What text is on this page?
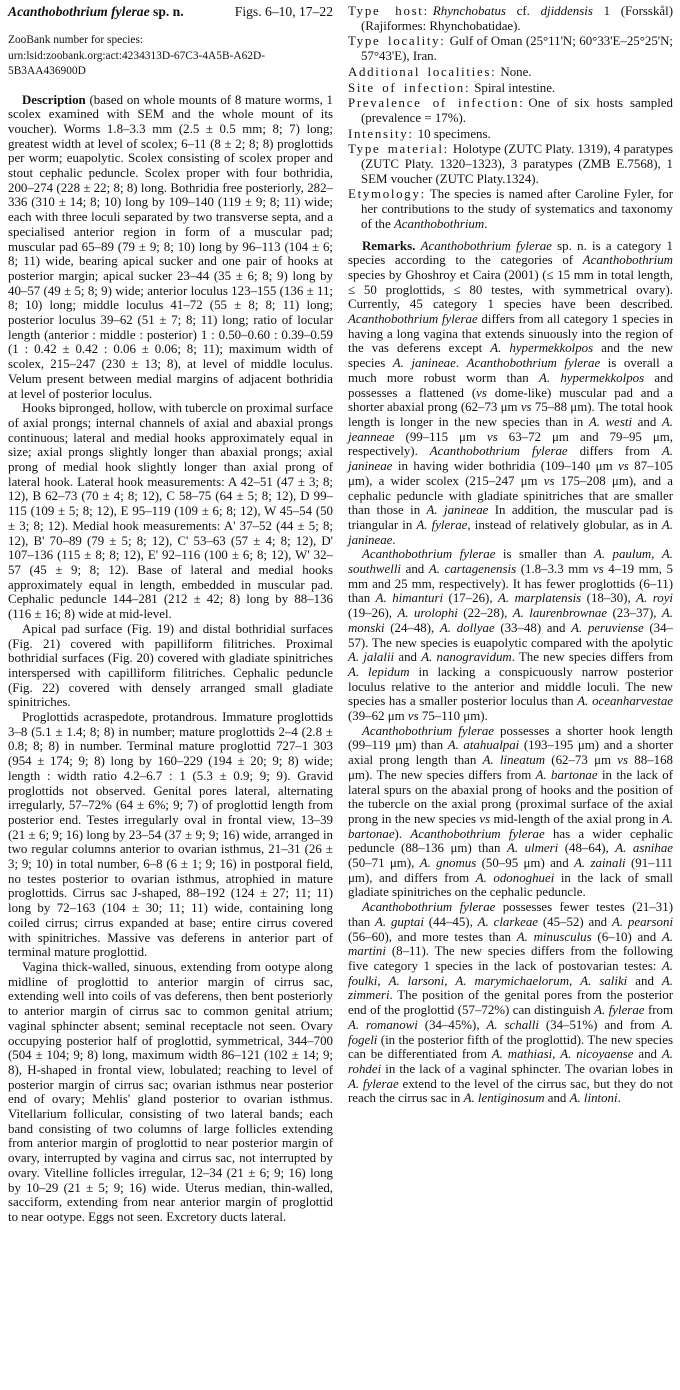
Acanthobothrium fylerae sp. n.	Figs. 6–10, 17–22
ZooBank number for species:
urn:lsid:zoobank.org:act:4234313D-67C3-4A5B-A62D-5B3AA436900D
Description (based on whole mounts of 8 mature worms, 1 scolex examined with SEM and the whole mount of its voucher). Worms 1.8–3.3 mm (2.5 ± 0.5 mm; 8; 7) long; greatest width at level of scolex; 6–11 (8 ± 2; 8; 8) proglottids per worm; euapolytic. Scolex consisting of scolex proper and stout cephalic peduncle. Scolex proper with four bothridia, 200–274 (228 ± 22; 8; 8) long. Bothridia free posteriorly, 282–336 (310 ± 14; 8; 10) long by 109–140 (119 ± 9; 8; 11) wide; each with three loculi separated by two transverse septa, and a specialised anterior region in form of a muscular pad; muscular pad 65–89 (79 ± 9; 8; 10) long by 96–113 (104 ± 6; 8; 11) wide, bearing apical sucker and one pair of hooks at posterior margin; apical sucker 23–44 (35 ± 6; 8; 9) long by 40–57 (49 ± 5; 8; 9) wide; anterior loculus 123–155 (136 ± 11; 8; 10) long; middle loculus 41–72 (55 ± 8; 8; 11) long; posterior loculus 39–62 (51 ± 7; 8; 11) long; ratio of locular length (anterior : middle : posterior) 1 : 0.50–0.60 : 0.39–0.59 (1 : 0.42 ± 0.42 : 0.06 ± 0.06; 8; 11); maximum width of scolex, 215–247 (230 ± 13; 8), at level of middle loculus. Velum present between medial margins of adjacent bothridia at level of posterior loculus.
Hooks bipronged, hollow, with tubercle on proximal surface of axial prongs; internal channels of axial and abaxial prongs continuous; lateral and medial hooks approximately equal in size; axial prongs slightly longer than abaxial prongs; axial prong of medial hook slightly longer than axial prong of lateral hook. Lateral hook measurements: A 42–51 (47 ± 3; 8; 12), B 62–73 (70 ± 4; 8; 12), C 58–75 (64 ± 5; 8; 12), D 99–115 (109 ± 5; 8; 12), E 95–119 (109 ± 6; 8; 12), W 45–54 (50 ± 3; 8; 12). Medial hook measurements: A' 37–52 (44 ± 5; 8; 12), B' 70–89 (79 ± 5; 8; 12), C' 53–63 (57 ± 4; 8; 12), D' 107–136 (115 ± 8; 8; 12), E' 92–116 (100 ± 6; 8; 12), W' 32–57 (45 ± 9; 8; 12). Base of lateral and medial hooks approximately equal in length, embedded in muscular pad. Cephalic peduncle 144–281 (212 ± 42; 8) long by 88–136 (116 ± 16; 8) wide at mid-level.
Apical pad surface (Fig. 19) and distal bothridial surfaces (Fig. 21) covered with papilliform filitriches. Proximal bothridial surfaces (Fig. 20) covered with gladiate spinitriches interspersed with capilliform filitriches. Cephalic peduncle (Fig. 22) covered with densely arranged small gladiate spinitriches.
Proglottids acraspedote, protandrous. Immature proglottids 3–8 (5.1 ± 1.4; 8; 8) in number; mature proglottids 2–4 (2.8 ± 0.8; 8; 8) in number. Terminal mature proglottid 727–1 303 (954 ± 174; 9; 8) long by 160–229 (194 ± 20; 9; 8) wide; length : width ratio 4.2–6.7 : 1 (5.3 ± 0.9; 9; 9). Gravid proglottids not observed. Genital pores lateral, alternating irregularly, 57–72% (64 ± 6%; 9; 7) of proglottid length from posterior end. Testes irregularly oval in frontal view, 13–39 (21 ± 6; 9; 16) long by 23–54 (37 ± 9; 9; 16) wide, arranged in two regular columns anterior to ovarian isthmus, 21–31 (26 ± 3; 9; 10) in total number, 6–8 (6 ± 1; 9; 16) in postporal field, no testes posterior to ovarian isthmus, atrophied in mature proglottids. Cirrus sac J-shaped, 88–192 (124 ± 27; 11; 11) long by 72–163 (104 ± 30; 11; 11) wide, containing long coiled cirrus; cirrus expanded at base; entire cirrus covered with spinitriches. Massive vas deferens in anterior part of terminal mature proglottid.
Vagina thick-walled, sinuous, extending from ootype along midline of proglottid to anterior margin of cirrus sac, extending well into coils of vas deferens, then bent posteriorly to anterior margin of cirrus sac to common genital atrium; vaginal sphincter absent; seminal receptacle not seen. Ovary occupying posterior half of proglottid, symmetrical, 344–700 (504 ± 104; 9; 8) long, maximum width 86–121 (102 ± 14; 9; 8), H-shaped in frontal view, lobulated; reaching to level of posterior margin of cirrus sac; ovarian isthmus near posterior end of ovary; Mehlis' gland posterior to ovarian isthmus. Vitellarium follicular, consisting of two lateral bands; each band consisting of two columns of large follicles extending from anterior margin of proglottid to near posterior margin of ovary, interrupted by vagina and cirrus sac, not interrupted by ovary. Vitelline follicles irregular, 12–34 (21 ± 6; 9; 16) long by 10–29 (21 ± 5; 9; 16) wide. Uterus median, thin-walled, sacciform, extending from near anterior margin of proglottid to near ootype. Eggs not seen. Excretory ducts lateral.
Type host: Rhynchobatus cf. djiddensis 1 (Forsskål) (Rajiformes: Rhynchobatidae).
Type locality: Gulf of Oman (25°11'N; 60°33'E–25°25'N; 57°43'E), Iran.
Additional localities: None.
Site of infection: Spiral intestine.
Prevalence of infection: One of six hosts sampled (prevalence = 17%).
Intensity: 10 specimens.
Type material: Holotype (ZUTC Platy. 1319), 4 paratypes (ZUTC Platy. 1320–1323), 3 paratypes (ZMB E.7568), 1 SEM voucher (ZUTC Platy.1324).
Etymology: The species is named after Caroline Fyler, for her contributions to the study of systematics and taxonomy of the Acanthobothrium.
Remarks. Acanthobothrium fylerae sp. n. is a category 1 species according to the categories of Acanthobothrium species by Ghoshroy et Caira (2001) (≤ 15 mm in total length, ≤ 50 proglottids, ≤ 80 testes, with symmetrical ovary). Currently, 45 category 1 species have been described. Acanthobothrium fylerae differs from all category 1 species in having a long vagina that extends sinuously into the region of the vas deferens except A. hypermekkolpos and the new species A. janineae. Acanthobothrium fylerae is overall a much more robust worm than A. hypermekkolpos and possesses a flattened (vs dome-like) muscular pad and a shorter abaxial prong (62–73 μm vs 75–88 μm). The total hook length is longer in the new species than in A. westi and A. jeanneae (99–115 μm vs 63–72 μm and 79–95 μm, respectively). Acanthobothrium fylerae differs from A. janineae in having wider bothridia (109–140 μm vs 87–105 μm), a wider scolex (215–247 μm vs 175–208 μm), and a cephalic peduncle with gladiate spinitriches that are smaller than those in A. janineae In addition, the muscular pad is triangular in A. fylerae, instead of relatively globular, as in A. janineae.
Acanthobothrium fylerae is smaller than A. paulum, A. southwelli and A. cartagenensis (1.8–3.3 mm vs 4–19 mm, 5 mm and 25 mm, respectively). It has fewer proglottids (6–11) than A. himanturi (17–26), A. marplatensis (18–30), A. royi (19–26), A. urolophi (22–28), A. laurenbrownae (23–37), A. monski (24–48), A. dollyae (33–48) and A. peruviense (34–57). The new species is euapolytic compared with the apolytic A. jalalii and A. nanogravidum. The new species differs from A. lepidum in lacking a conspicuously narrow posterior loculus relative to the anterior and middle loculi. The new species has a smaller posterior loculus than A. oceanharvestae (39–62 μm vs 75–110 μm).
Acanthobothrium fylerae possesses a shorter hook length (99–119 μm) than A. atahualpai (193–195 μm) and a shorter axial prong length than A. lineatum (62–73 μm vs 88–168 μm). The new species differs from A. bartonae in the lack of lateral spurs on the abaxial prong of hooks and the position of the tubercle on the axial prong (proximal surface of the axial prong in the new species vs mid-length of the axial prong in A. bartonae). Acanthobothrium fylerae has a wider cephalic peduncle (88–136 μm) than A. ulmeri (48–64), A. asnihae (50–71 μm), A. gnomus (50–95 μm) and A. zainali (91–111 μm), and differs from A. odonoghuei in the lack of small gladiate spinitriches on the cephalic peduncle.
Acanthobothrium fylerae possesses fewer testes (21–31) than A. guptai (44–45), A. clarkeae (45–52) and A. pearsoni (56–60), and more testes than A. minusculus (6–10) and A. martini (8–11). The new species differs from the following five category 1 species in the lack of postovarian testes: A. foulki, A. larsoni, A. marymichaelorum, A. saliki and A. zimmeri. The position of the genital pores from the posterior end of the proglottid (57–72%) can distinguish A. fylerae from A. romanowi (34–45%), A. schalli (34–51%) and from A. fogeli (in the posterior fifth of the proglottid). The new species can be differentiated from A. mathiasi, A. nicoyaense and A. rohdei in the lack of a vaginal sphincter. The ovarian lobes in A. fylerae extend to the level of the cirrus sac, but they do not reach the cirrus sac in A. lentiginosum and A. lintoni.
